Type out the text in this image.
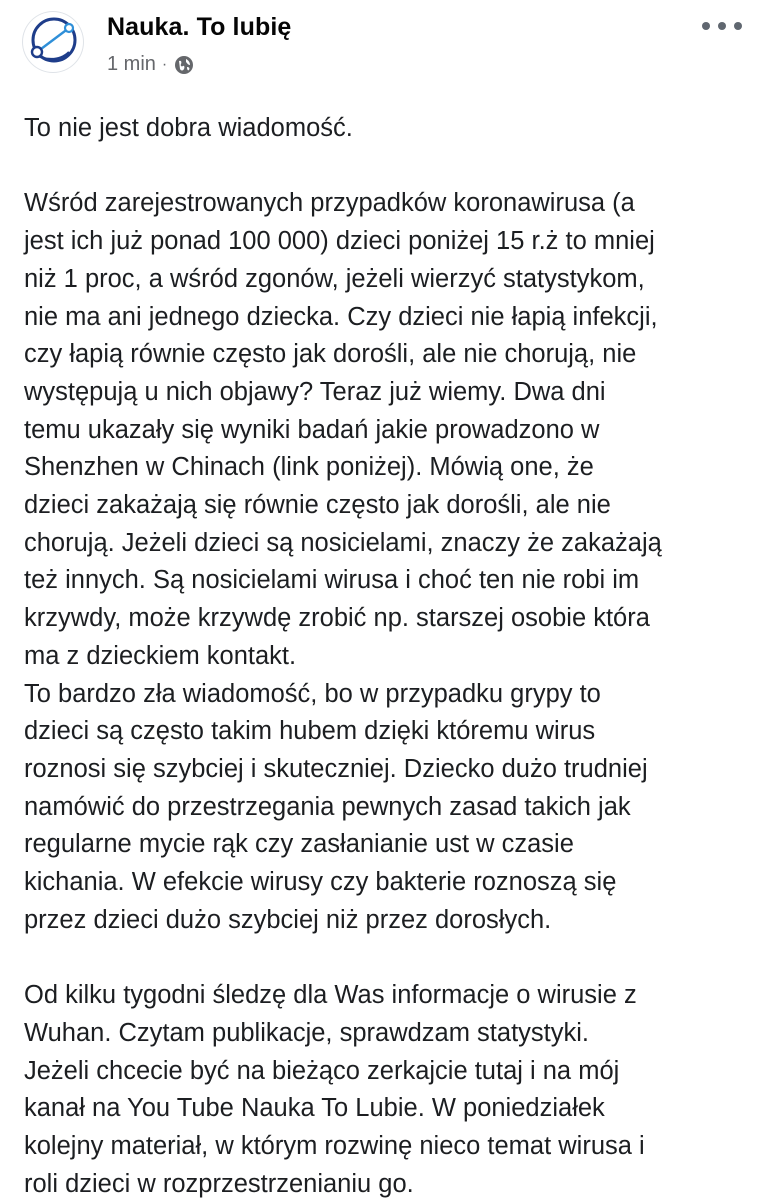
Nauka. To lubię
1 min ·

To nie jest dobra wiadomość.

Wśród zarejestrowanych przypadków koronawirusa (a

jest ich już ponad 100 000) dzieci poniżej 15 r.ż to mniej

niż 1 proc, a wśród zgonów, jeżeli wierzyć statystykom,

nie ma ani jednego dziecka. Czy dzieci nie łapią infekcji,

czy łapią równie często jak dorośli, ale nie chorują, nie

występują u nich objawy? Teraz już wiemy. Dwa dni

temu ukazały się wyniki badań jakie prowadzono w

Shenzhen w Chinach (link poniżej). Mówią one, że

dzieci zakażają się równie często jak dorośli, ale nie

chorują. Jeżeli dzieci są nosicielami, znaczy że zakażają

też innych. Są nosicielami wirusa i choć ten nie robi im

krzywdy, może krzywdę zrobić np. starszej osobie która

ma z dzieckiem kontakt.

To bardzo zła wiadomość, bo w przypadku grypy to

dzieci są często takim hubem dzięki któremu wirus

roznosi się szybciej i skuteczniej. Dziecko dużo trudniej

namówić do przestrzegania pewnych zasad takich jak

regularne mycie rąk czy zasłanianie ust w czasie

kichania. W efekcie wirusy czy bakterie roznoszą się

przez dzieci dużo szybciej niż przez dorosłych.

Od kilku tygodni śledzę dla Was informacje o wirusie z

Wuhan. Czytam publikacje, sprawdzam statystyki.

Jeżeli chcecie być na bieżąco zerkajcie tutaj i na mój

kanał na You Tube Nauka To Lubie. W poniedziałek

kolejny materiał, w którym rozwinę nieco temat wirusa i

roli dzieci w rozprzestrzenianiu go.
